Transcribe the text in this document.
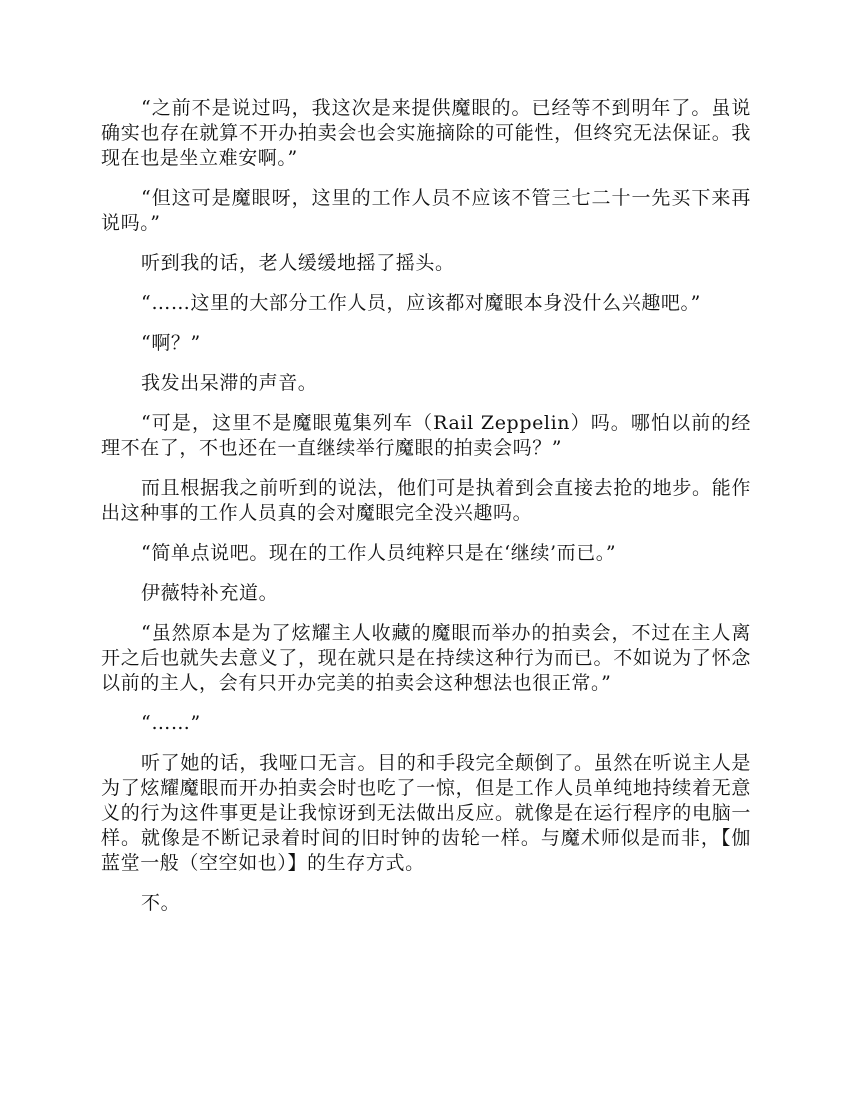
“之前不是说过吗，我这次是来提供魔眼的。已经等不到明年了。虽说确实也存在就算不开办拍卖会也会实施摘除的可能性，但终究无法保证。我现在也是坐立难安啊。”

“但这可是魔眼呀，这里的工作人员不应该不管三七二十一先买下来再说吗。”

听到我的话，老人缓缓地摇了摇头。

“……这里的大部分工作人员，应该都对魔眼本身没什么兴趣吧。”

“啊？”

我发出呆滞的声音。

“可是，这里不是魔眼蒐集列车（Rail Zeppelin）吗。哪怕以前的经理不在了，不也还在一直继续举行魔眼的拍卖会吗？”

而且根据我之前听到的说法，他们可是执着到会直接去抢的地步。能作出这种事的工作人员真的会对魔眼完全没兴趣吗。

“简单点说吧。现在的工作人员纯粹只是在‘继续’而已。”

伊薇特补充道。

“虽然原本是为了炫耀主人收藏的魔眼而举办的拍卖会，不过在主人离开之后也就失去意义了，现在就只是在持续这种行为而已。不如说为了怀念以前的主人，会有只开办完美的拍卖会这种想法也很正常。”

“……”

听了她的话，我哑口无言。目的和手段完全颠倒了。虽然在听说主人是为了炫耀魔眼而开办拍卖会时也吃了一惊，但是工作人员单纯地持续着无意义的行为这件事更是让我惊讶到无法做出反应。就像是在运行程序的电脑一样。就像是不断记录着时间的旧时钟的齿轮一样。与魔术师似是而非，【伽蓝堂一般（空空如也）】的生存方式。

不。
